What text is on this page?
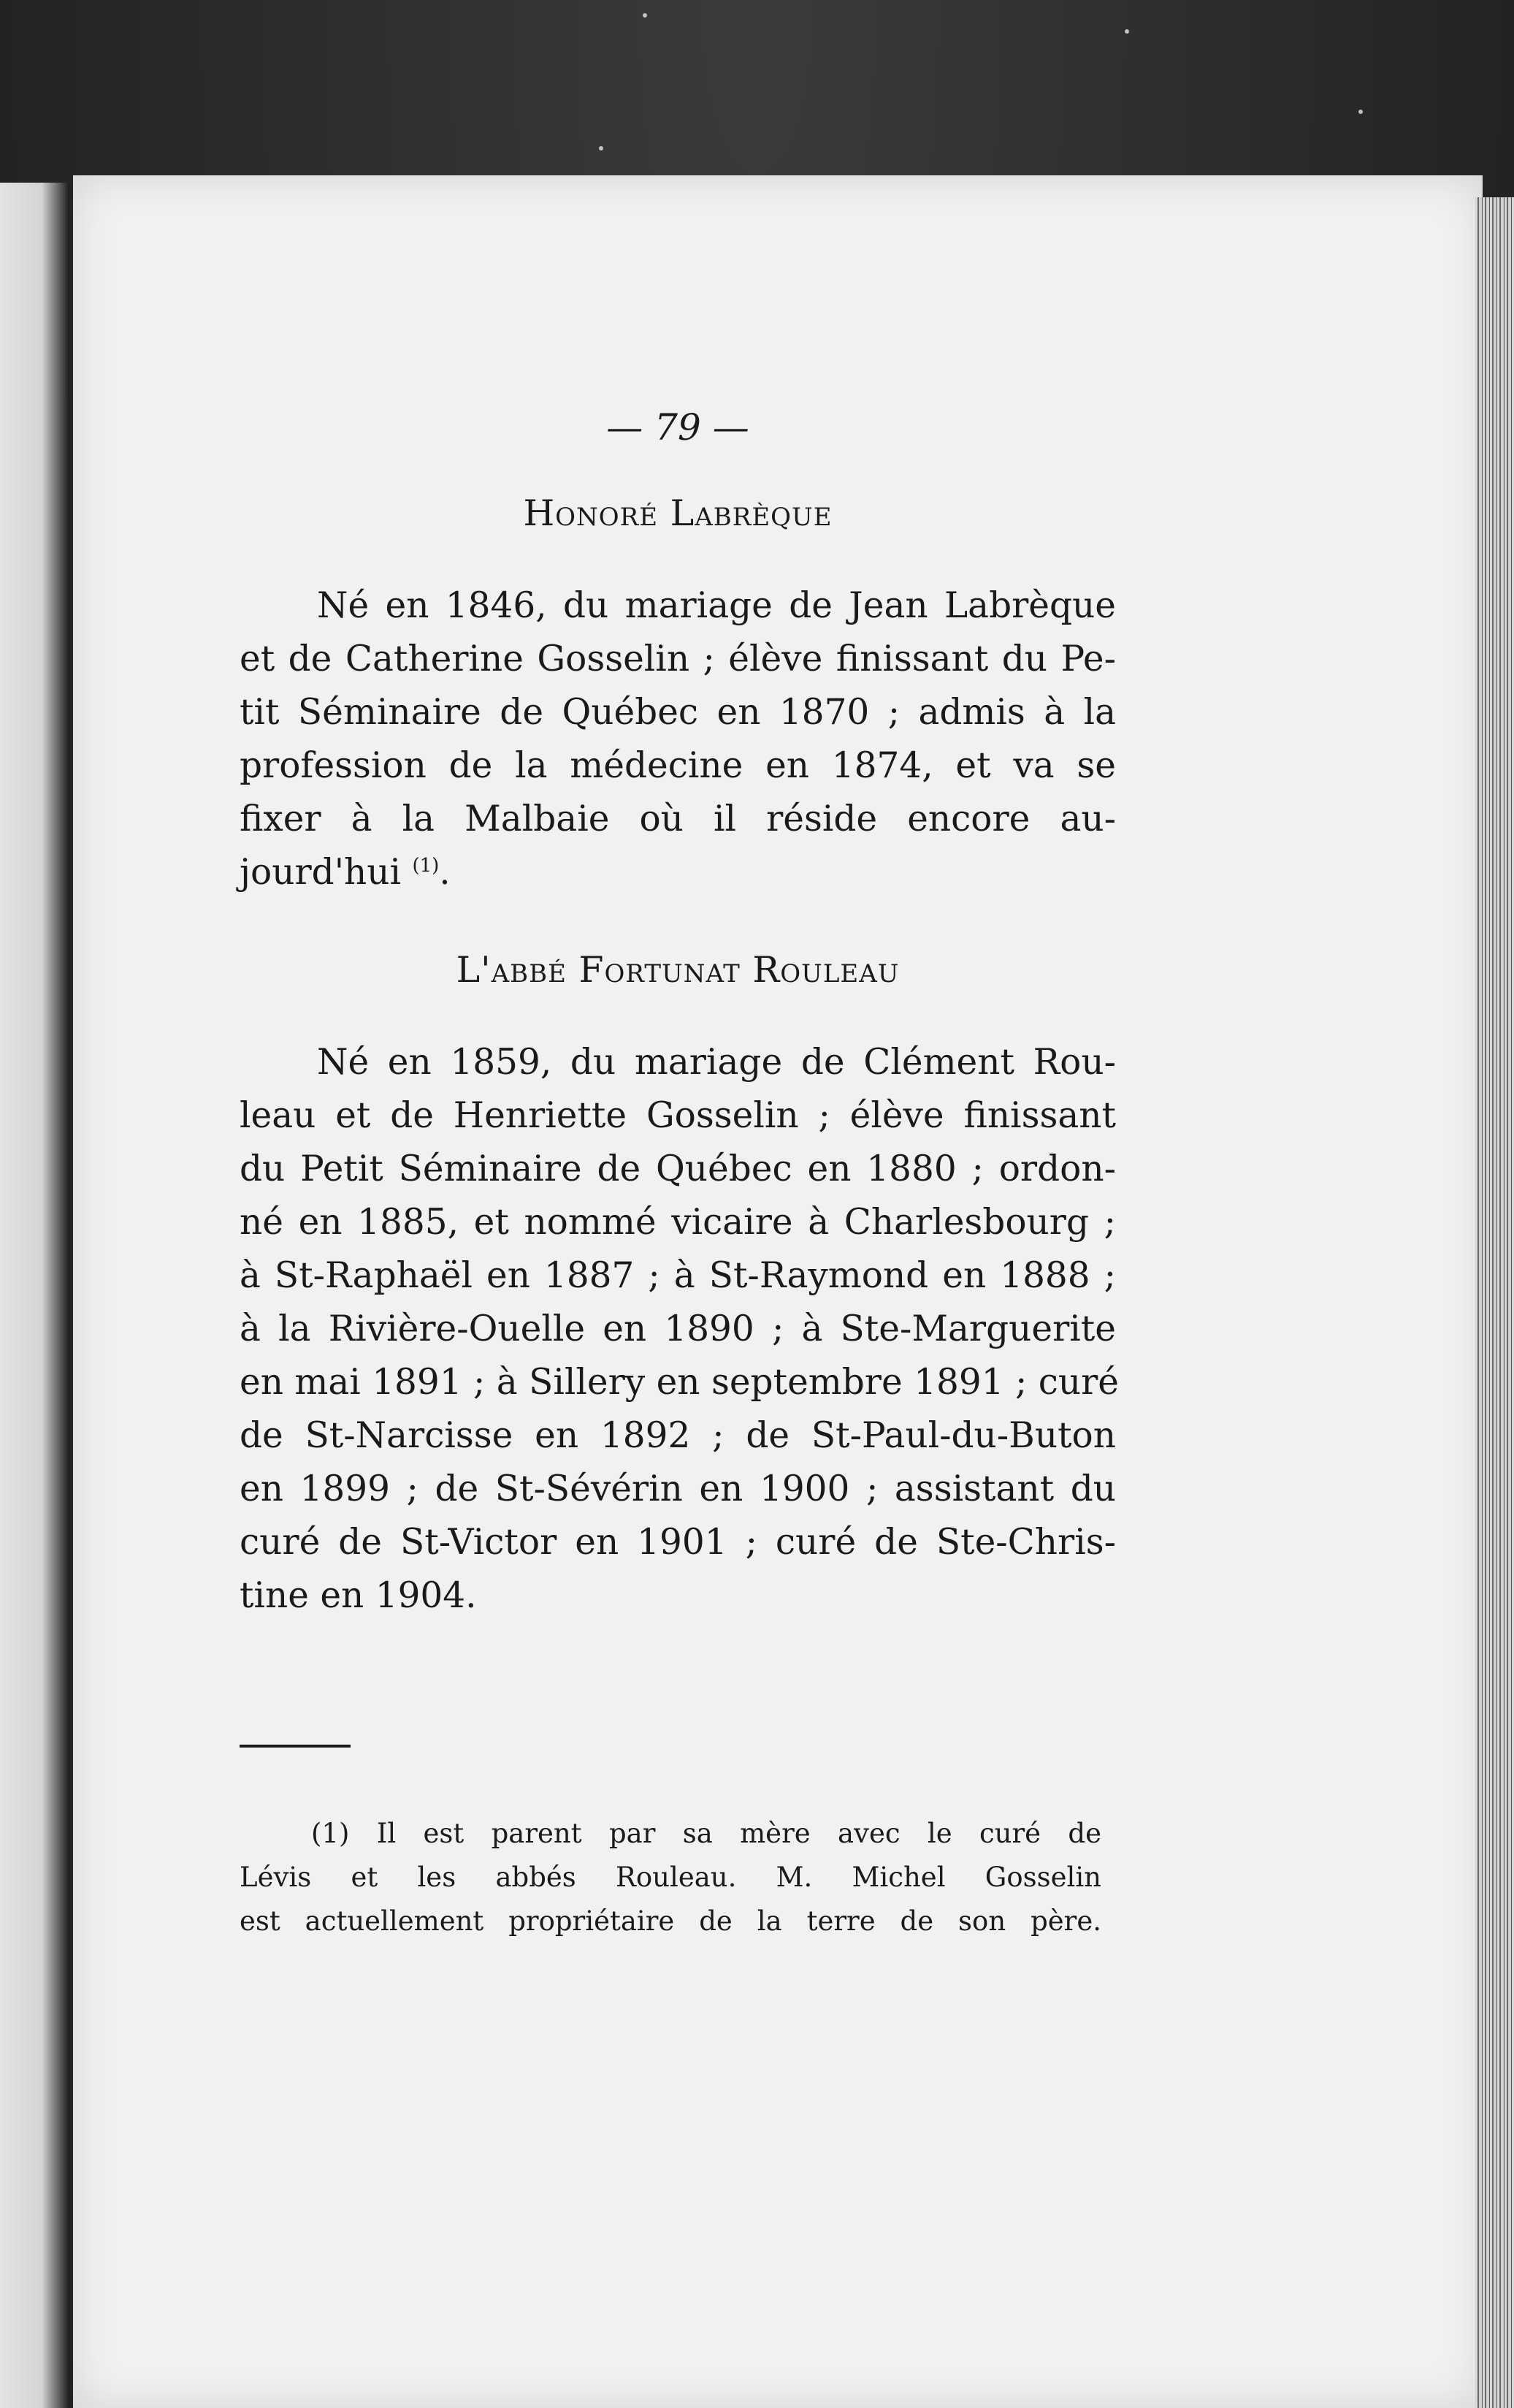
— 79 —
Honoré Labrèque
Né en 1846, du mariage de Jean Labrèque
et de Catherine Gosselin ; élève finissant du Pe-
tit Séminaire de Québec en 1870 ; admis à la
profession de la médecine en 1874, et va se
fixer à la Malbaie où il réside encore au-
jourd'hui $^{(1)}$.
L'abbé Fortunat Rouleau
Né en 1859, du mariage de Clément Rou-
leau et de Henriette Gosselin ; élève finissant
du Petit Séminaire de Québec en 1880 ; ordon-
né en 1885, et nommé vicaire à Charlesbourg ;
à St-Raphaël en 1887 ; à St-Raymond en 1888 ;
à la Rivière-Ouelle en 1890 ; à Ste-Marguerite
en mai 1891 ; à Sillery en septembre 1891 ; curé
de St-Narcisse en 1892 ; de St-Paul-du-Buton
en 1899 ; de St-Sévérin en 1900 ; assistant du
curé de St-Victor en 1901 ; curé de Ste-Chris-
tine en 1904.
(1) Il est parent par sa mère avec le curé de
Lévis et les abbés Rouleau. M. Michel Gosselin
est actuellement propriétaire de la terre de son père.
